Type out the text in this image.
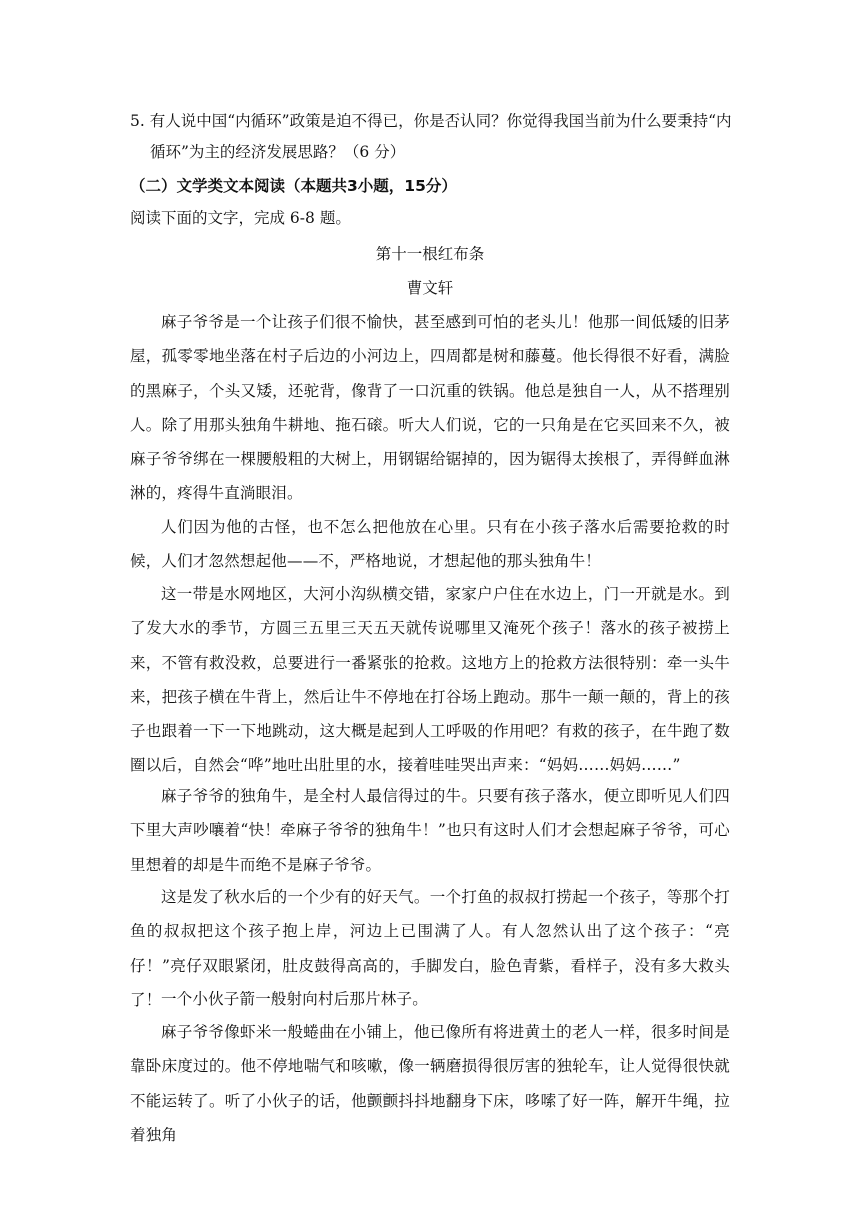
5. 有人说中国“内循环”政策是迫不得已，你是否认同？你觉得我国当前为什么要秉持“内
循环”为主的经济发展思路？（6 分）
（二）文学类文本阅读（本题共3小题，15分）
阅读下面的文字，完成 6-8 题。
第十一根红布条
曹文轩
麻子爷爷是一个让孩子们很不愉快，甚至感到可怕的老头儿！他那一间低矮的旧茅屋，孤零零地坐落在村子后边的小河边上，四周都是树和藤蔓。他长得很不好看，满脸的黑麻子，个头又矮，还驼背，像背了一口沉重的铁锅。他总是独自一人，从不搭理别人。除了用那头独角牛耕地、拖石磙。听大人们说，它的一只角是在它买回来不久，被麻子爷爷绑在一棵腰般粗的大树上，用钢锯给锯掉的，因为锯得太挨根了，弄得鲜血淋淋的，疼得牛直淌眼泪。
人们因为他的古怪，也不怎么把他放在心里。只有在小孩子落水后需要抢救的时候，人们才忽然想起他——不，严格地说，才想起他的那头独角牛！
这一带是水网地区，大河小沟纵横交错，家家户户住在水边上，门一开就是水。到了发大水的季节，方圆三五里三天五天就传说哪里又淹死个孩子！落水的孩子被捞上来，不管有救没救，总要进行一番紧张的抢救。这地方上的抢救方法很特别：牵一头牛来，把孩子横在牛背上，然后让牛不停地在打谷场上跑动。那牛一颠一颠的，背上的孩子也跟着一下一下地跳动，这大概是起到人工呼吸的作用吧？有救的孩子，在牛跑了数圈以后，自然会“哗”地吐出肚里的水，接着哇哇哭出声来：“妈妈……妈妈……”
麻子爷爷的独角牛，是全村人最信得过的牛。只要有孩子落水，便立即听见人们四下里大声吵嚷着“快！牵麻子爷爷的独角牛！”也只有这时人们才会想起麻子爷爷，可心里想着的却是牛而绝不是麻子爷爷。
这是发了秋水后的一个少有的好天气。一个打鱼的叔叔打捞起一个孩子，等那个打鱼的叔叔把这个孩子抱上岸，河边上已围满了人。有人忽然认出了这个孩子：“亮仔！”亮仔双眼紧闭，肚皮鼓得高高的，手脚发白，脸色青紫，看样子，没有多大救头了！ 一个小伙子箭一般射向村后那片林子。
麻子爷爷像虾米一般蜷曲在小铺上，他已像所有将进黄土的老人一样，很多时间是靠卧床度过的。他不停地喘气和咳嗽，像一辆磨损得很厉害的独轮车，让人觉得很快就不能运转了。听了小伙子的话，他颤颤抖抖地翻身下床，哆嗦了好一阵，解开牛绳，拉着独角
